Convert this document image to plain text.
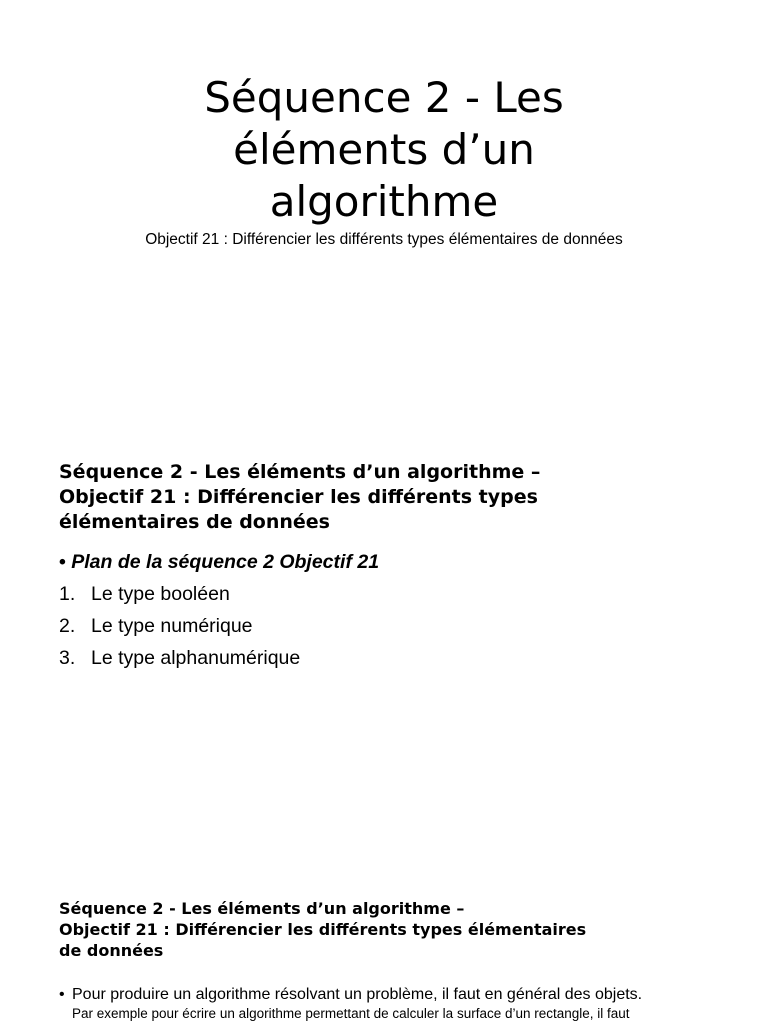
Séquence 2 - Les
éléments d’un
algorithme

Objectif 21 : Différencier les différents types élémentaires de données

Séquence 2 - Les éléments d’un algorithme –
Objectif 21 : Différencier les différents types
élémentaires de données

• Plan de la séquence 2 Objectif 21

1. Le type booléen

2. Le type numérique

3. Le type alphanumérique

Séquence 2 - Les éléments d’un algorithme –
Objectif 21 : Différencier les différents types élémentaires
de données
• Pour produire un algorithme résolvant un problème, il faut en général des objets.
Par exemple pour écrire un algorithme permettant de calculer la surface d’un rectangle, il faut
